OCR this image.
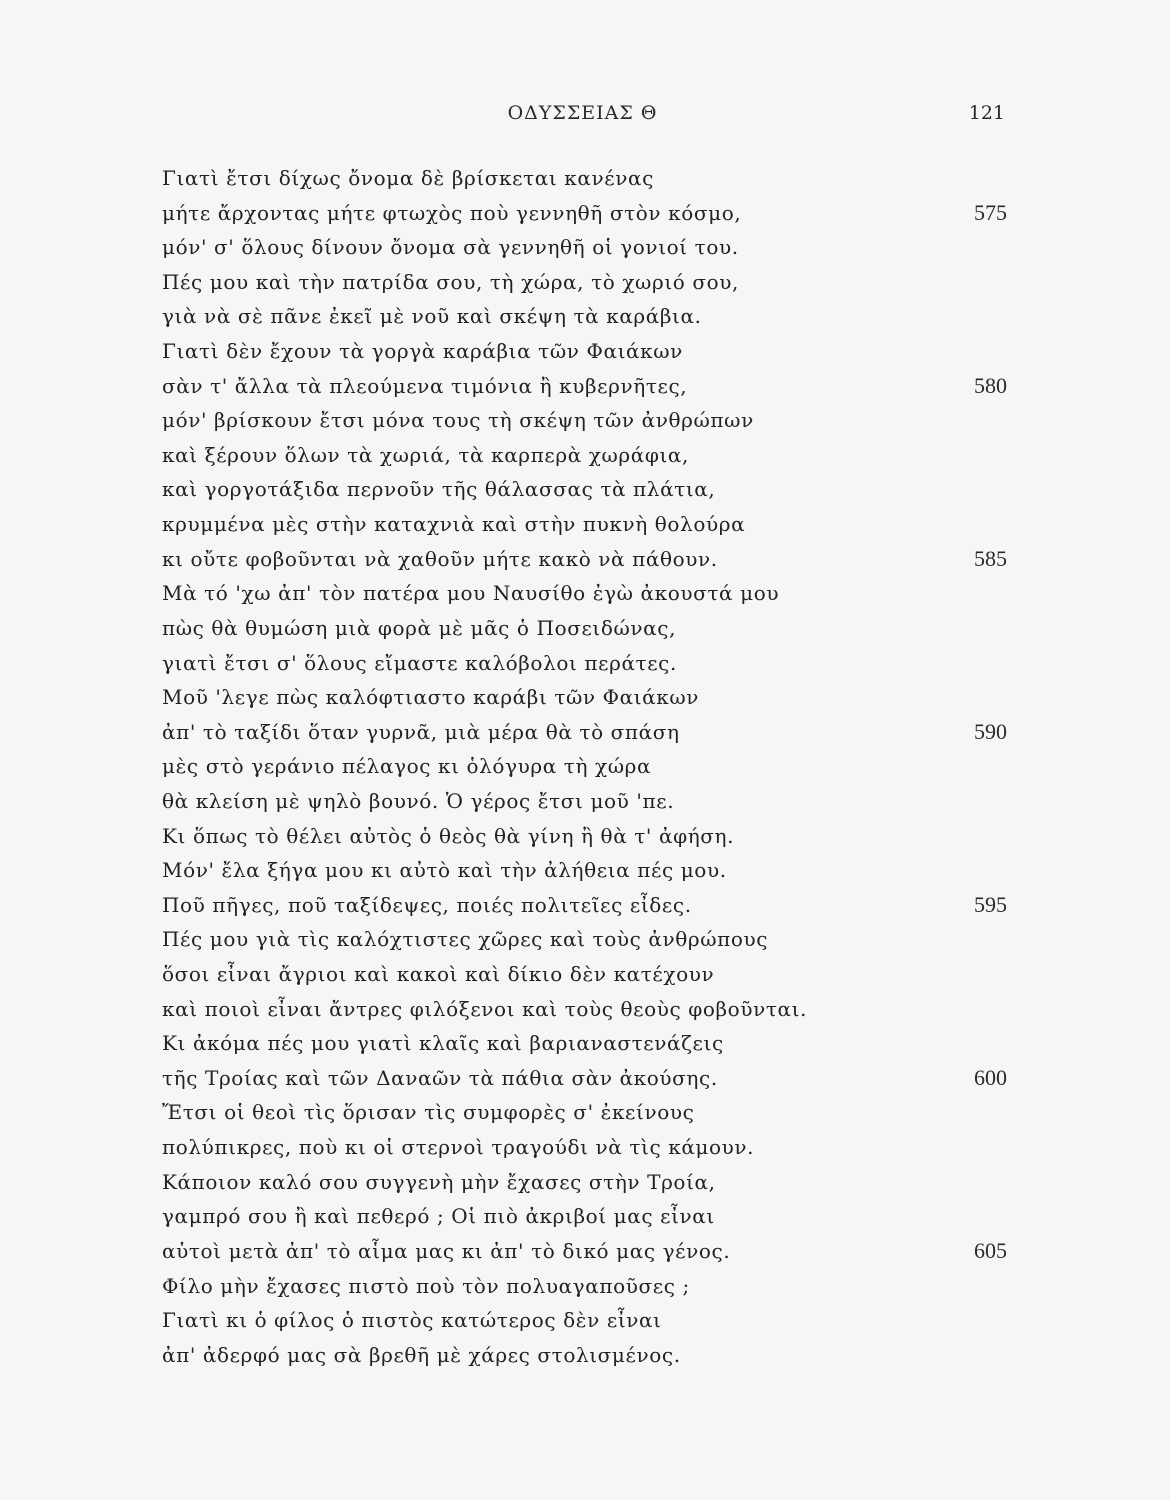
ΟΔΥΣΣΕΙΑΣ Θ	121
Γιατὶ ἔτσι δίχως ὄνομα δὲ βρίσκεται κανένας
μήτε ἄρχοντας μήτε φτωχὸς ποὺ γεννηθῆ στὸν κόσμο,	575
μόν' σ' ὅλους δίνουν ὄνομα σὰ γεννηθῆ οἱ γονιοί του.
Πές μου καὶ τὴν πατρίδα σου, τὴ χώρα, τὸ χωριό σου,
γιὰ νὰ σὲ πᾶνε ἐκεῖ μὲ νοῦ καὶ σκέψη τὰ καράβια.
Γιατὶ δὲν ἔχουν τὰ γοργὰ καράβια τῶν Φαιάκων
σὰν τ' ἄλλα τὰ πλεούμενα τιμόνια ἢ κυβερνῆτες,	580
μόν' βρίσκουν ἔτσι μόνα τους τὴ σκέψη τῶν ἀνθρώπων
καὶ ξέρουν ὅλων τὰ χωριά, τὰ καρπερὰ χωράφια,
καὶ γοργοτάξιδα περνοῦν τῆς θάλασσας τὰ πλάτια,
κρυμμένα μὲς στὴν καταχνιὰ καὶ στὴν πυκνὴ θολούρα
κι οὔτε φοβοῦνται νὰ χαθοῦν μήτε κακὸ νὰ πάθουν.	585
Μὰ τό 'χω ἀπ' τὸν πατέρα μου Ναυσίθο ἐγὼ ἀκουστά μου
πὼς θὰ θυμώση μιὰ φορὰ μὲ μᾶς ὁ Ποσειδώνας,
γιατὶ ἔτσι σ' ὅλους εἴμαστε καλόβολοι περάτες.
Μοῦ 'λεγε πὼς καλόφτιαστο καράβι τῶν Φαιάκων
ἀπ' τὸ ταξίδι ὅταν γυρνᾶ, μιὰ μέρα θὰ τὸ σπάση	590
μὲς στὸ γεράνιο πέλαγος κι ὁλόγυρα τὴ χώρα
θὰ κλείση μὲ ψηλὸ βουνό. Ὁ γέρος ἔτσι μοῦ 'πε.
Κι ὅπως τὸ θέλει αὐτὸς ὁ θεὸς θὰ γίνη ἢ θὰ τ' ἀφήση.
Μόν' ἔλα ξήγα μου κι αὐτὸ καὶ τὴν ἀλήθεια πές μου.
Ποῦ πῆγες, ποῦ ταξίδεψες, ποιές πολιτεῖες εἶδες.	595
Πές μου γιὰ τὶς καλόχτιστες χῶρες καὶ τοὺς ἀνθρώπους
ὅσοι εἶναι ἄγριοι καὶ κακοὶ καὶ δίκιο δὲν κατέχουν
καὶ ποιοὶ εἶναι ἄντρες φιλόξενοι καὶ τοὺς θεοὺς φοβοῦνται.
Κι ἀκόμα πές μου γιατὶ κλαῖς καὶ βαριαναστενάζεις
τῆς Τροίας καὶ τῶν Δαναῶν τὰ πάθια σὰν ἀκούσης.	600
Ἔτσι οἱ θεοὶ τὶς ὅρισαν τὶς συμφορὲς σ' ἐκείνους
πολύπικρες, ποὺ κι οἱ στερνοὶ τραγούδι νὰ τὶς κάμουν.
Κάποιον καλό σου συγγενὴ μὴν ἔχασες στὴν Τροία,
γαμπρό σου ἢ καὶ πεθερό ; Οἱ πιὸ ἀκριβοί μας εἶναι
αὐτοὶ μετὰ ἀπ' τὸ αἷμα μας κι ἀπ' τὸ δικό μας γένος.	605
Φίλο μὴν ἔχασες πιστὸ ποὺ τὸν πολυαγαποῦσες ;
Γιατὶ κι ὁ φίλος ὁ πιστὸς κατώτερος δὲν εἶναι
ἀπ' ἀδερφό μας σὰ βρεθῆ μὲ χάρες στολισμένος.
